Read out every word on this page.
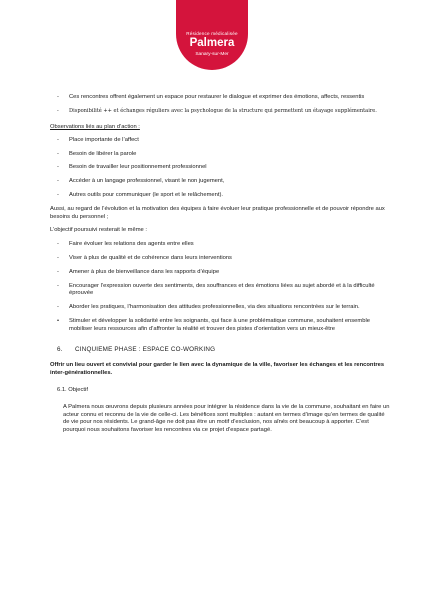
Résidence médicalisée
Palmera
Sanary-sur-Mer
-	Ces rencontres offrent également un espace pour restaurer le dialogue et exprimer des émotions, affects, ressentis
-	Disponibilité ++ et échanges réguliers avec la psychologue de la structure qui permettent un étayage supplémentaire.
Observations liés au plan d’action :
-	Place importante de l’affect
-	Besoin de libérer la parole
-	Besoin de travailler leur positionnement professionnel
-	Accéder à un langage professionnel, visant le non jugement,
-	Autres outils pour communiquer (le sport et le relâchement).

Aussi, au regard de l’évolution et la motivation des équipes à faire évoluer leur pratique professionnelle et de pouvoir répondre aux besoins du personnel ;

L’objectif poursuivi resterait le même :

-	Faire évoluer les relations des agents entre elles
-	Viser à plus de qualité et de cohérence dans leurs interventions
-	Amener à plus de bienveillance dans les rapports d’équipe
-	Encourager l’expression ouverte des sentiments, des souffrances et des émotions liées au sujet abordé et à la difficulté éprouvée
-	Aborder les pratiques, l’harmonisation des attitudes professionnelles, via des situations rencontrées sur le terrain.
•	Stimuler et développer la solidarité entre les soignants, qui face à une problématique commune, souhaitent ensemble mobiliser leurs ressources afin d’affronter la réalité et trouver des pistes d’orientation vers un mieux-être
6. CINQUIEME PHASE : ESPACE CO-WORKING

Offrir un lieu ouvert et convivial pour garder le lien avec la dynamique de la ville, favoriser les échanges et les rencontres inter-générationnelles.

6.1. Objectif

A Palmera nous œuvrons depuis plusieurs années pour intégrer la résidence dans la vie de la commune, souhaitant en faire un acteur connu et reconnu de la vie de celle-ci. Les bénéfices sont multiples : autant en termes d’image qu’en termes de qualité de vie pour nos résidents. Le grand-âge ne doit pas être un motif d’exclusion, nos aînés ont beaucoup à apporter. C’est pourquoi nous souhaitons favoriser les rencontres via ce projet d’espace partagé.
